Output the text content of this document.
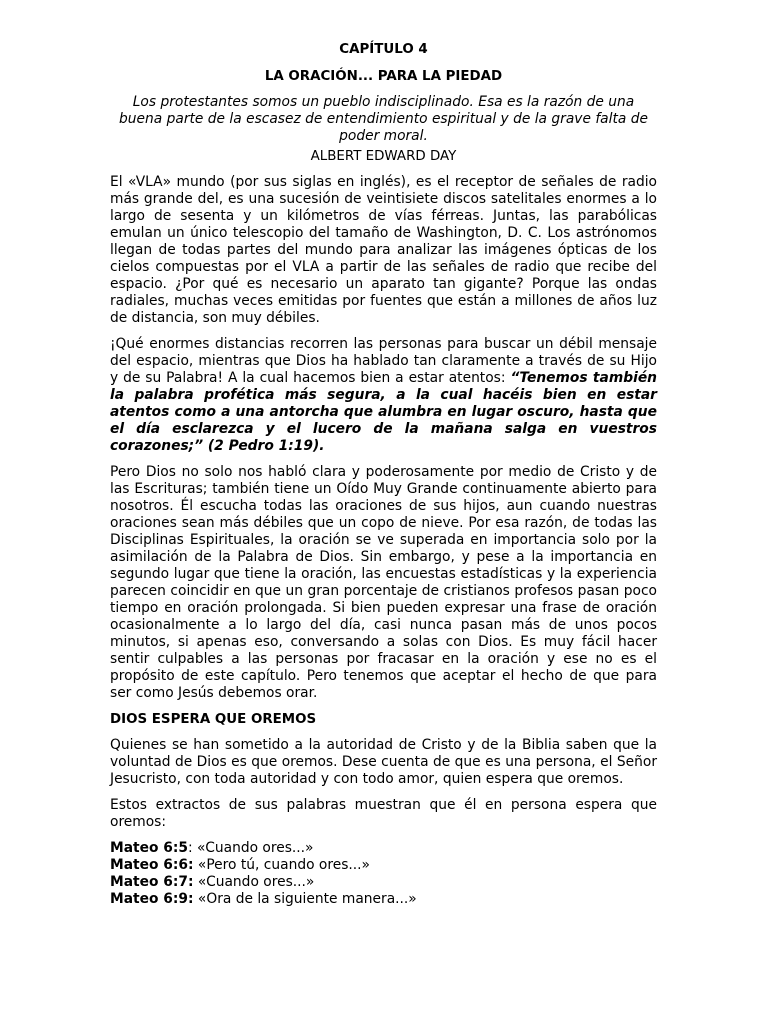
CAPÍTULO 4
LA ORACIÓN... PARA LA PIEDAD
Los protestantes somos un pueblo indisciplinado. Esa es la razón de una buena parte de la escasez de entendimiento espiritual y de la grave falta de poder moral.
ALBERT EDWARD DAY

El «VLA» mundo (por sus siglas en inglés), es el receptor de señales de radio más grande del, es una sucesión de veintisiete discos satelitales enormes a lo largo de sesenta y un kilómetros de vías férreas. Juntas, las parabólicas emulan un único telescopio del tamaño de Washington, D. C. Los astrónomos llegan de todas partes del mundo para analizar las imágenes ópticas de los cielos compuestas por el VLA a partir de las señales de radio que recibe del espacio. ¿Por qué es necesario un aparato tan gigante? Porque las ondas radiales, muchas veces emitidas por fuentes que están a millones de años luz de distancia, son muy débiles.

¡Qué enormes distancias recorren las personas para buscar un débil mensaje del espacio, mientras que Dios ha hablado tan claramente a través de su Hijo y de su Palabra! A la cual hacemos bien a estar atentos: “Tenemos también la palabra profética más segura, a la cual hacéis bien en estar atentos como a una antorcha que alumbra en lugar oscuro, hasta que el día esclarezca y el lucero de la mañana salga en vuestros corazones;” (2 Pedro 1:19).

Pero Dios no solo nos habló clara y poderosamente por medio de Cristo y de las Escrituras; también tiene un Oído Muy Grande continuamente abierto para nosotros. Él escucha todas las oraciones de sus hijos, aun cuando nuestras oraciones sean más débiles que un copo de nieve. Por esa razón, de todas las Disciplinas Espirituales, la oración se ve superada en importancia solo por la asimilación de la Palabra de Dios. Sin embargo, y pese a la importancia en segundo lugar que tiene la oración, las encuestas estadísticas y la experiencia parecen coincidir en que un gran porcentaje de cristianos profesos pasan poco tiempo en oración prolongada. Si bien pueden expresar una frase de oración ocasionalmente a lo largo del día, casi nunca pasan más de unos pocos minutos, si apenas eso, conversando a solas con Dios. Es muy fácil hacer sentir culpables a las personas por fracasar en la oración y ese no es el propósito de este capítulo. Pero tenemos que aceptar el hecho de que para ser como Jesús debemos orar.

DIOS ESPERA QUE OREMOS

Quienes se han sometido a la autoridad de Cristo y de la Biblia saben que la voluntad de Dios es que oremos. Dese cuenta de que es una persona, el Señor Jesucristo, con toda autoridad y con todo amor, quien espera que oremos.

Estos extractos de sus palabras muestran que él en persona espera que oremos:

Mateo 6:5: «Cuando ores...»
Mateo 6:6: «Pero tú, cuando ores...»
Mateo 6:7: «Cuando ores...»
Mateo 6:9: «Ora de la siguiente manera...»
